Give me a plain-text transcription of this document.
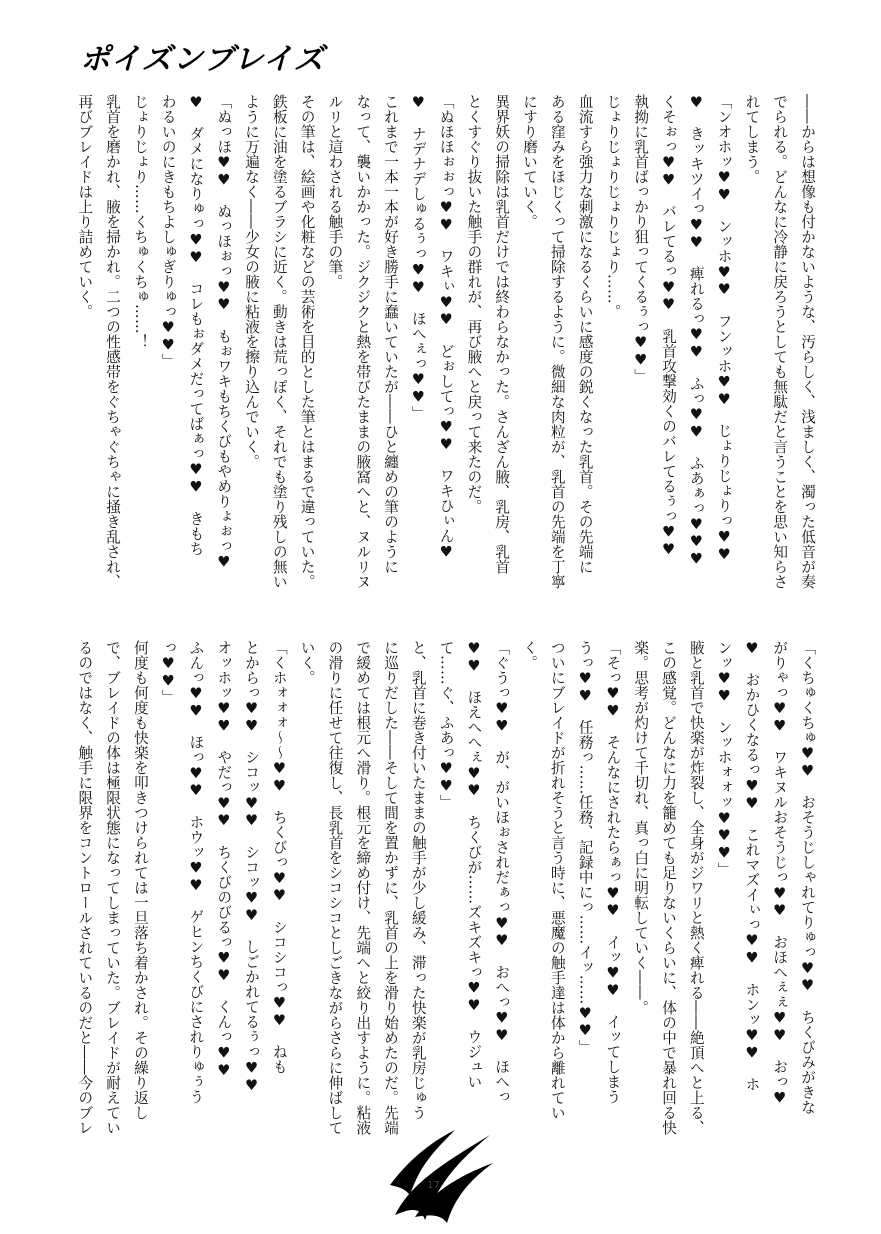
ポイズンブレイズ

――からは想像も付かないような、汚らしく、浅ましく、濁った低音が奏

でられる。どんなに冷静に戻ろうとしても無駄だと言うことを思い知らさ

れてしまう。

「ンオホッ♥♥　ンッホ♥♥　フンッホ♥♥　じょりじょりっ♥♥

♥　きッキツイっ♥♥　痺れるっ♥♥　ふっ♥♥　ふあぁっ♥♥♥

くそぉっ♥♥　バレてるっ♥♥　乳首攻撃効くのバレてるぅっ♥♥

執拗に乳首ばっかり狙ってくるぅっ♥♥」

じょりじょりじょりじょり……。

血流すら強力な刺激になるくらいに感度の鋭くなった乳首。その先端に

ある窪みをほじくって掃除するように。微細な肉粒が、乳首の先端を丁寧

にすり磨いていく。

異界妖の掃除は乳首だけでは終わらなかった。さんざん腋、乳房、乳首

とくすぐり抜いた触手の群れが、再び腋へと戻って来たのだ。

「ぬほほぉぉっ♥♥　ワキぃ♥♥　どぉしてっ♥♥　ワキひぃん♥

♥　ナデナデしゅるぅっ♥♥　ほへぇっ♥♥」

これまで一本一本が好き勝手に蠢いていたが――ひと纏めの筆のように

なって、襲いかかった。ジクジクと熱を帯びたままの腋窩へと、ヌルリヌ

ルリと這わされる触手の筆。

その筆は、絵画や化粧などの芸術を目的とした筆とはまるで違っていた。

鉄板に油を塗るブラシに近く。動きは荒っぽく、それでも塗り残しの無い

ように万遍なく――少女の腋に粘液を擦り込んでいく。

「ぬっほ♥♥　ぬっほぉっ♥♥　もぉワキもちくびもやめりょぉっ♥

♥　ダメになりゅっ♥♥　コレもぉダメだってばぁっ♥♥　きもち

わるいのにきもちよしゅぎりゅっ♥♥」

じょりじょり……くちゅくちゅ……！

乳首を磨かれ、腋を掃かれ。二つの性感帯をぐちゃぐちゃに掻き乱され、

再びブレイドは上り詰めていく。

「くちゅくちゅ♥♥　おそうじしゃれてりゅっ♥♥　ちくびみがきな

がりゃっ♥♥　ワキヌルおそうじっ♥♥　おほへぇぇ♥♥　おっ♥

♥　おかひくなるっ♥♥　これマズイぃっ♥♥　ホンッ♥♥　ホ

ンッ♥♥　ンッホォォッ♥♥♥」

腋と乳首で快楽が炸裂し、全身がジワリと熱く痺れる――絶頂へと上る、

この感覚。どんなに力を籠めても足りないくらいに、体の中で暴れ回る快

楽。思考が灼けて千切れ、真っ白に明転していく――。

「そっ♥♥　そんなにされたらぁっ♥♥　イッ♥♥　イッてしまう

うっ♥♥　任務っ……任務、記録中にっ……イッ……♥♥」

ついにブレイドが折れそうと言う時に、悪魔の触手達は体から離れてい

く。

「ぐうっ♥♥　が、がいほぉされだぁっ♥♥　おへっ♥♥　ほへっ

♥♥　ほえへへぇ♥♥　ちくびが……ズキズキっ♥♥　ウジュい

て……ぐ、ふあっ♥♥」

と、乳首に巻き付いたままの触手が少し緩み、滞った快楽が乳房じゅう

に巡りだした――そして間を置かずに、乳首の上を滑り始めたのだ。先端

で緩めては根元へ滑り。根元を締め付け、先端へと絞り出すように。粘液

の滑りに任せて往復し、長乳首をシコシコとしごきながらさらに伸ばして

いく。

「くホォォォ～～♥♥　ちくびっ♥♥　シコシコっ♥♥　ねも

とからっ♥♥　シコッ♥♥　シコッ♥♥　しごかれてるぅっ♥♥

オッホッ♥♥　やだっ♥♥　ちくびのびるっ♥♥　くんっ♥♥

ふんっ♥♥　ほっ♥♥　ホウッ♥♥　ゲヒンちくびにされりゅぅう

っ♥♥」

何度も何度も快楽を叩きつけられては一旦落ち着かされ。その繰り返し

で、ブレイドの体は極限状態になってしまっていた。ブレイドが耐えてい

るのではなく、触手に限界をコントロールされているのだと――今のブレ

17
